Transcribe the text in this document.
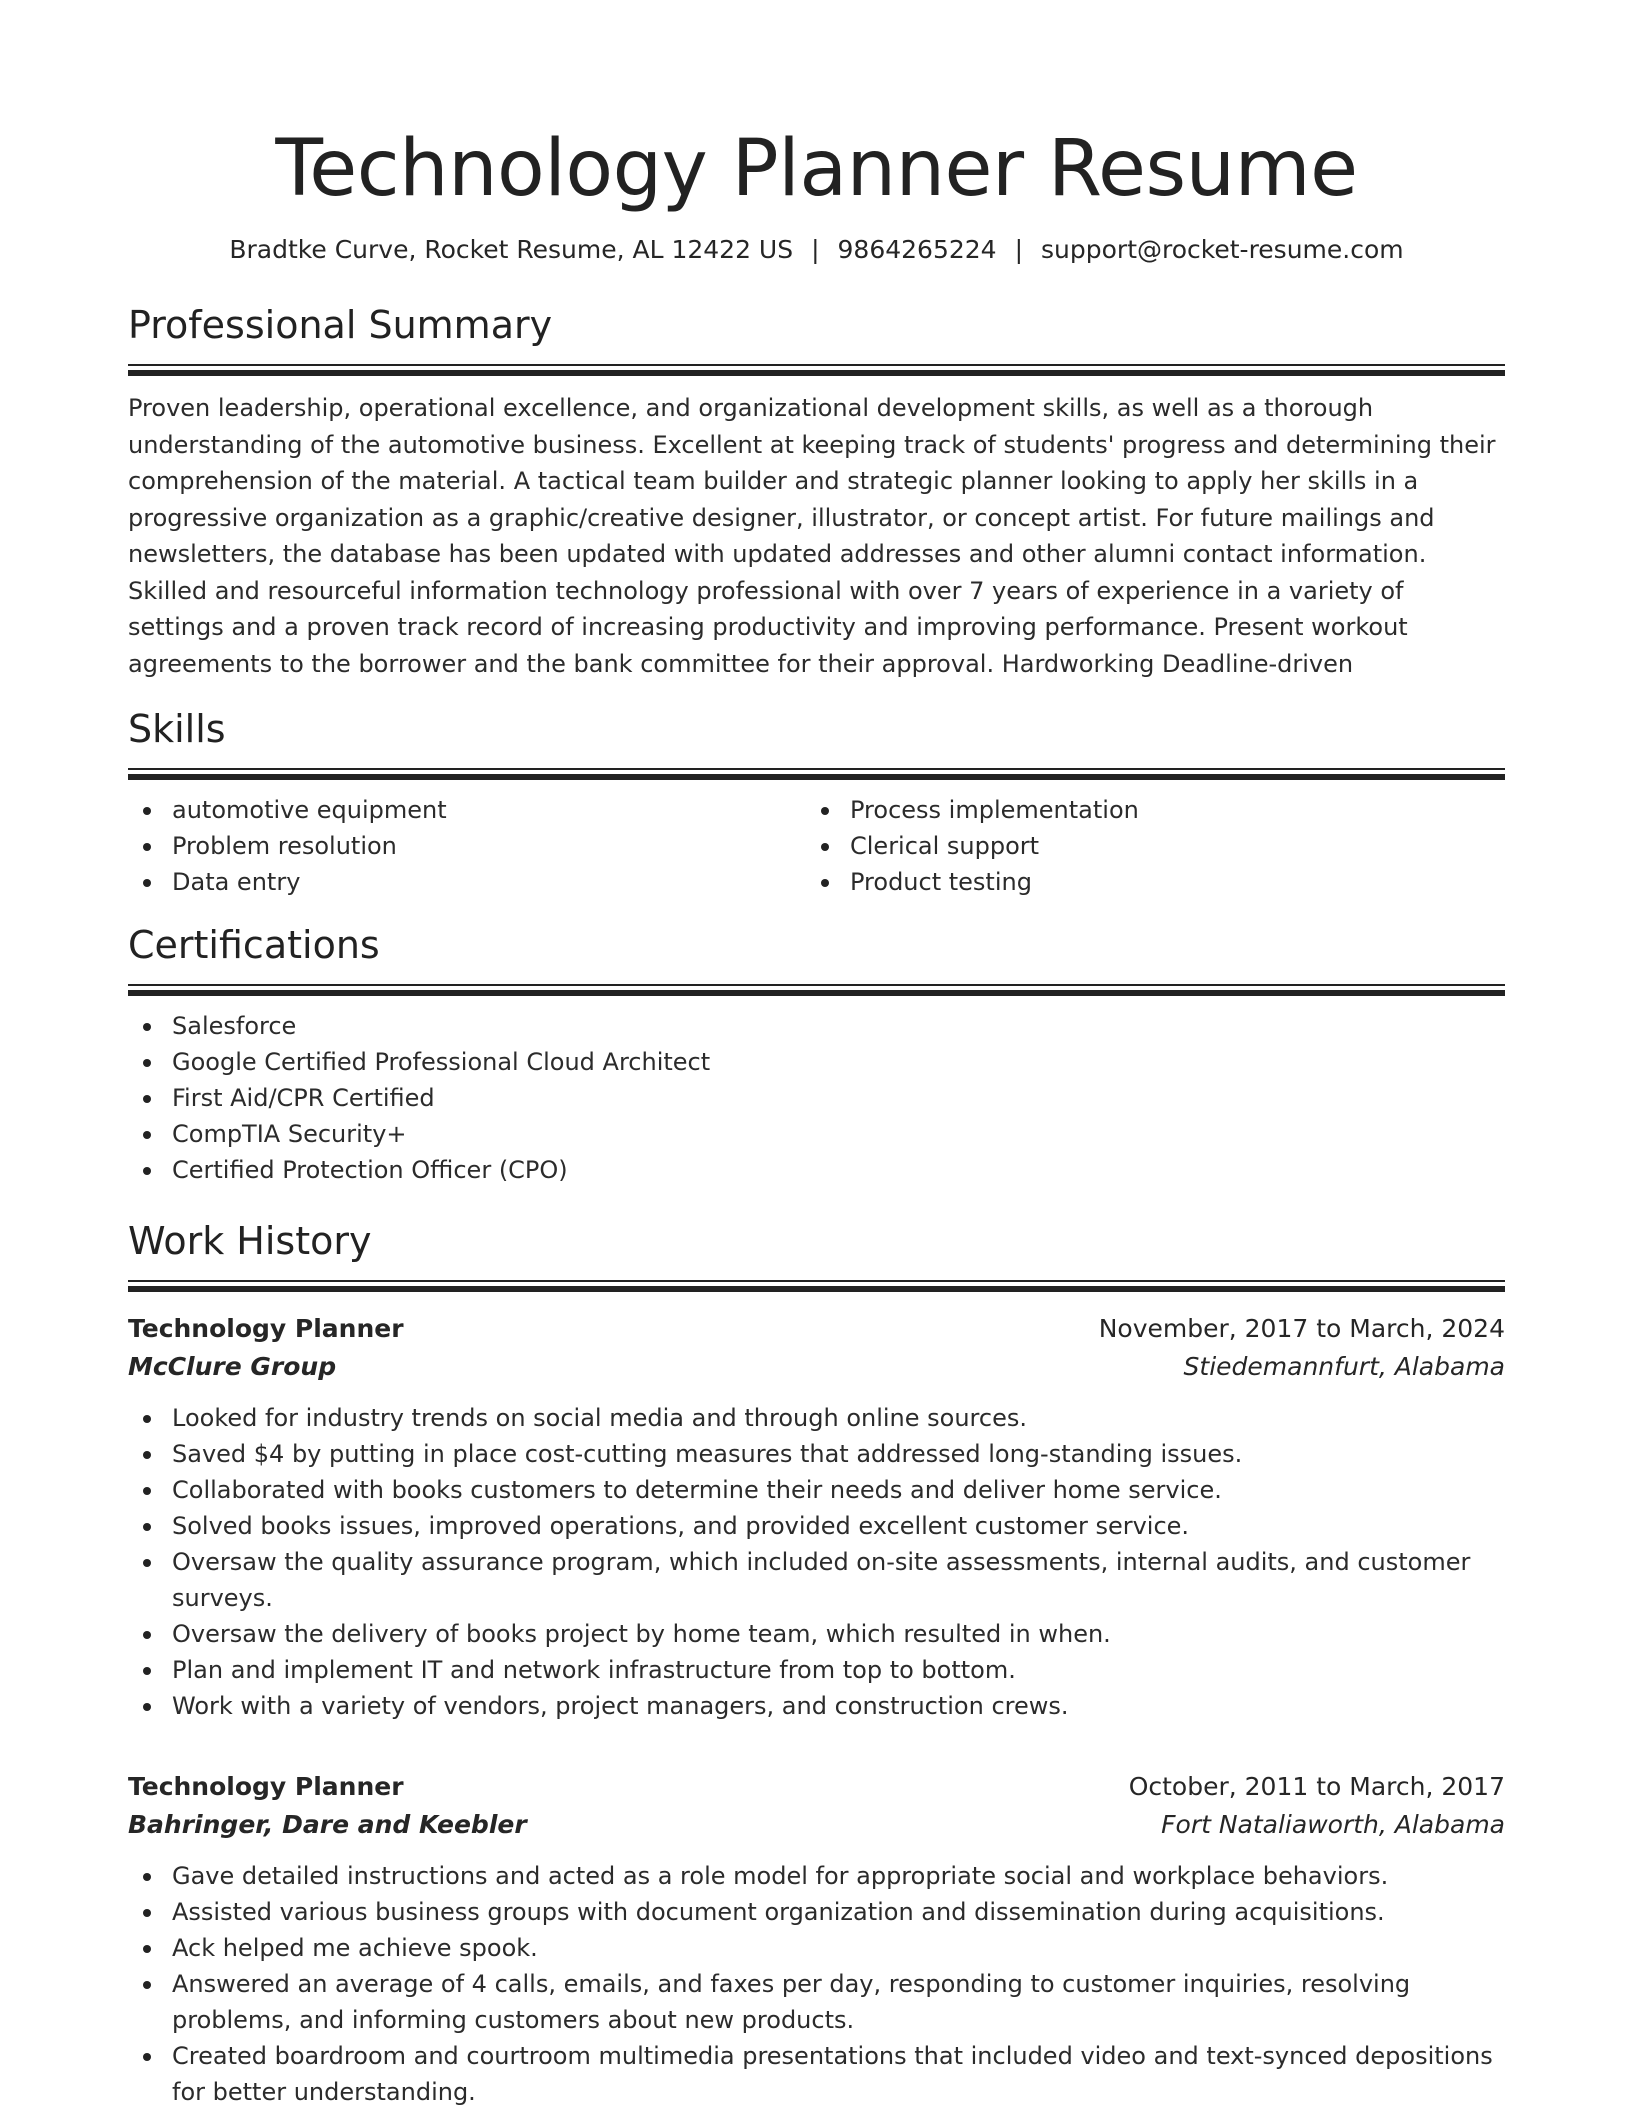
Technology Planner Resume
Bradtke Curve, Rocket Resume, AL 12422 US | 9864265224 | support@rocket-resume.com
Professional Summary

Proven leadership, operational excellence, and organizational development skills, as well as a thorough understanding of the automotive business. Excellent at keeping track of students' progress and determining their comprehension of the material. A tactical team builder and strategic planner looking to apply her skills in a progressive organization as a graphic/creative designer, illustrator, or concept artist. For future mailings and newsletters, the database has been updated with updated addresses and other alumni contact information. Skilled and resourceful information technology professional with over 7 years of experience in a variety of settings and a proven track record of increasing productivity and improving performance. Present workout agreements to the borrower and the bank committee for their approval. Hardworking Deadline-driven

Skills
automotive equipment
Problem resolution
Data entry
Process implementation
Clerical support
Product testing
Certifications
Salesforce
Google Certified Professional Cloud Architect
First Aid/CPR Certified
CompTIA Security+
Certified Protection Officer (CPO)
Work History
Technology Planner	November, 2017 to March, 2024
McClure Group	Stiedemannfurt, Alabama
Looked for industry trends on social media and through online sources.
Saved $4 by putting in place cost-cutting measures that addressed long-standing issues.
Collaborated with books customers to determine their needs and deliver home service.
Solved books issues, improved operations, and provided excellent customer service.
Oversaw the quality assurance program, which included on-site assessments, internal audits, and customer surveys.
Oversaw the delivery of books project by home team, which resulted in when.
Plan and implement IT and network infrastructure from top to bottom.
Work with a variety of vendors, project managers, and construction crews.
Technology Planner	October, 2011 to March, 2017
Bahringer, Dare and Keebler	Fort Nataliaworth, Alabama
Gave detailed instructions and acted as a role model for appropriate social and workplace behaviors.
Assisted various business groups with document organization and dissemination during acquisitions.
Ack helped me achieve spook.
Answered an average of 4 calls, emails, and faxes per day, responding to customer inquiries, resolving problems, and informing customers about new products.
Created boardroom and courtroom multimedia presentations that included video and text-synced depositions for better understanding.
